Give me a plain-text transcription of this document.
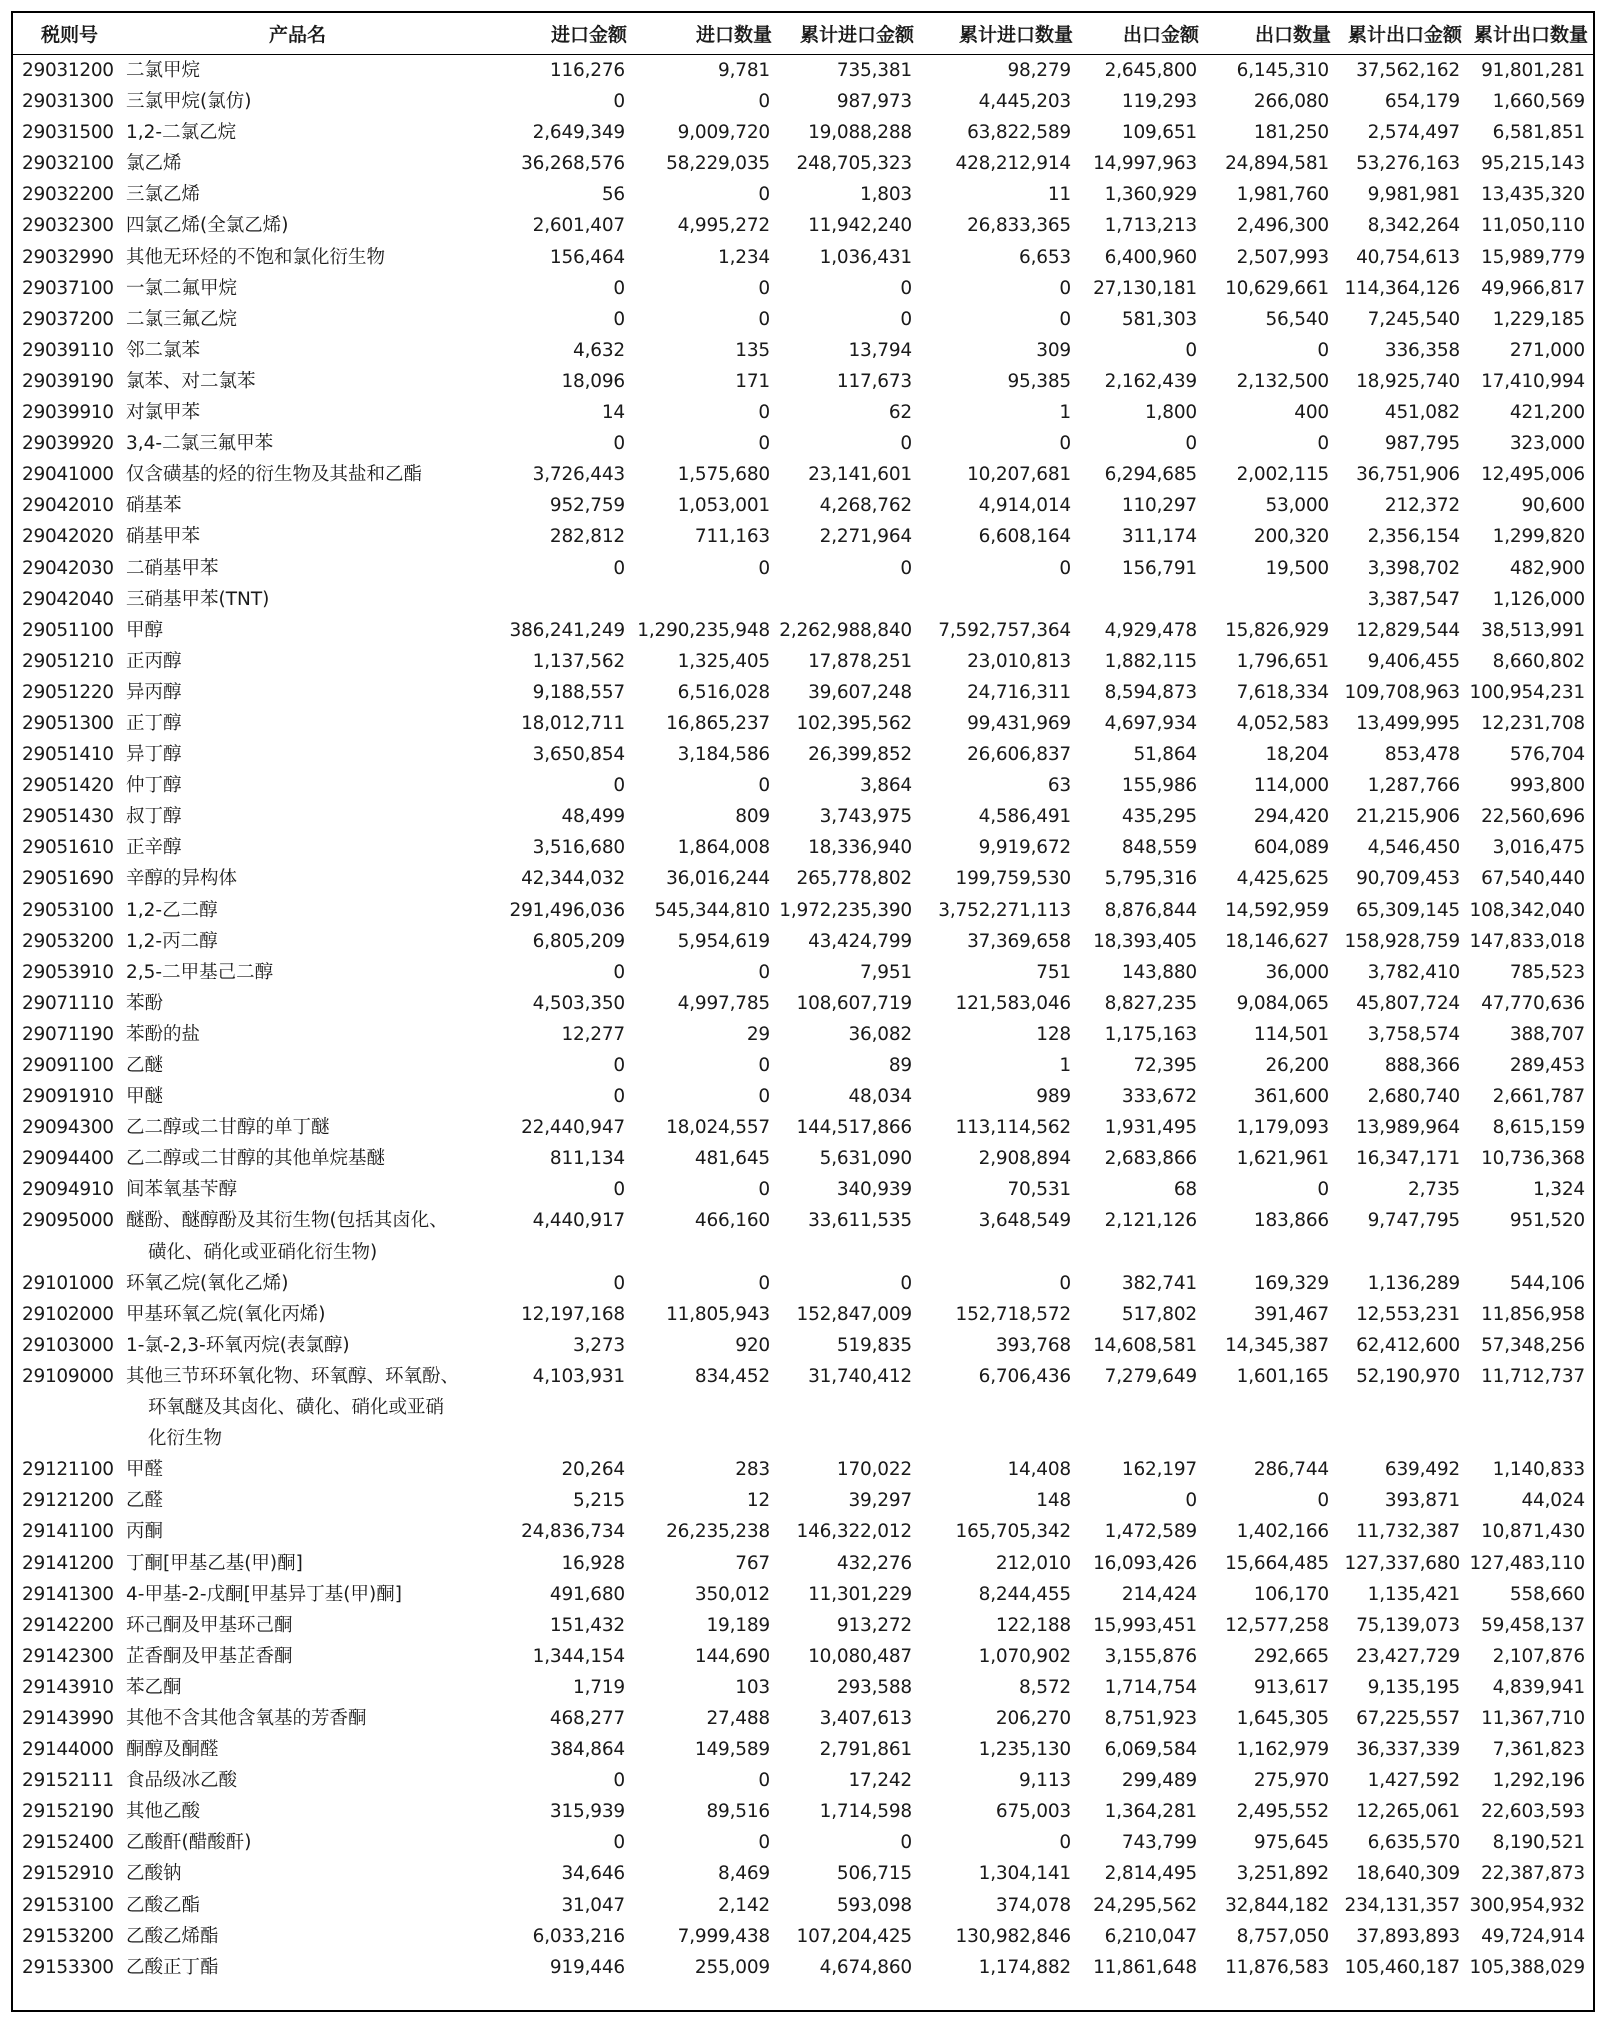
税则号	产品名	进口金额	进口数量	累计进口金额	累计进口数量	出口金额	出口数量	累计出口金额	累计出口数量
29031200	二氯甲烷	116,276	9,781	735,381	98,279	2,645,800	6,145,310	37,562,162	91,801,281
29031300	三氯甲烷(氯仿)	0	0	987,973	4,445,203	119,293	266,080	654,179	1,660,569
29031500	1,2-二氯乙烷	2,649,349	9,009,720	19,088,288	63,822,589	109,651	181,250	2,574,497	6,581,851
29032100	氯乙烯	36,268,576	58,229,035	248,705,323	428,212,914	14,997,963	24,894,581	53,276,163	95,215,143
29032200	三氯乙烯	56	0	1,803	11	1,360,929	1,981,760	9,981,981	13,435,320
29032300	四氯乙烯(全氯乙烯)	2,601,407	4,995,272	11,942,240	26,833,365	1,713,213	2,496,300	8,342,264	11,050,110
29032990	其他无环烃的不饱和氯化衍生物	156,464	1,234	1,036,431	6,653	6,400,960	2,507,993	40,754,613	15,989,779
29037100	一氯二氟甲烷	0	0	0	0	27,130,181	10,629,661	114,364,126	49,966,817
29037200	二氯三氟乙烷	0	0	0	0	581,303	56,540	7,245,540	1,229,185
29039110	邻二氯苯	4,632	135	13,794	309	0	0	336,358	271,000
29039190	氯苯、对二氯苯	18,096	171	117,673	95,385	2,162,439	2,132,500	18,925,740	17,410,994
29039910	对氯甲苯	14	0	62	1	1,800	400	451,082	421,200
29039920	3,4-二氯三氟甲苯	0	0	0	0	0	0	987,795	323,000
29041000	仅含磺基的烃的衍生物及其盐和乙酯	3,726,443	1,575,680	23,141,601	10,207,681	6,294,685	2,002,115	36,751,906	12,495,006
29042010	硝基苯	952,759	1,053,001	4,268,762	4,914,014	110,297	53,000	212,372	90,600
29042020	硝基甲苯	282,812	711,163	2,271,964	6,608,164	311,174	200,320	2,356,154	1,299,820
29042030	二硝基甲苯	0	0	0	0	156,791	19,500	3,398,702	482,900
29042040	三硝基甲苯(TNT)							3,387,547	1,126,000
29051100	甲醇	386,241,249	1,290,235,948	2,262,988,840	7,592,757,364	4,929,478	15,826,929	12,829,544	38,513,991
29051210	正丙醇	1,137,562	1,325,405	17,878,251	23,010,813	1,882,115	1,796,651	9,406,455	8,660,802
29051220	异丙醇	9,188,557	6,516,028	39,607,248	24,716,311	8,594,873	7,618,334	109,708,963	100,954,231
29051300	正丁醇	18,012,711	16,865,237	102,395,562	99,431,969	4,697,934	4,052,583	13,499,995	12,231,708
29051410	异丁醇	3,650,854	3,184,586	26,399,852	26,606,837	51,864	18,204	853,478	576,704
29051420	仲丁醇	0	0	3,864	63	155,986	114,000	1,287,766	993,800
29051430	叔丁醇	48,499	809	3,743,975	4,586,491	435,295	294,420	21,215,906	22,560,696
29051610	正辛醇	3,516,680	1,864,008	18,336,940	9,919,672	848,559	604,089	4,546,450	3,016,475
29051690	辛醇的异构体	42,344,032	36,016,244	265,778,802	199,759,530	5,795,316	4,425,625	90,709,453	67,540,440
29053100	1,2-乙二醇	291,496,036	545,344,810	1,972,235,390	3,752,271,113	8,876,844	14,592,959	65,309,145	108,342,040
29053200	1,2-丙二醇	6,805,209	5,954,619	43,424,799	37,369,658	18,393,405	18,146,627	158,928,759	147,833,018
29053910	2,5-二甲基己二醇	0	0	7,951	751	143,880	36,000	3,782,410	785,523
29071110	苯酚	4,503,350	4,997,785	108,607,719	121,583,046	8,827,235	9,084,065	45,807,724	47,770,636
29071190	苯酚的盐	12,277	29	36,082	128	1,175,163	114,501	3,758,574	388,707
29091100	乙醚	0	0	89	1	72,395	26,200	888,366	289,453
29091910	甲醚	0	0	48,034	989	333,672	361,600	2,680,740	2,661,787
29094300	乙二醇或二甘醇的单丁醚	22,440,947	18,024,557	144,517,866	113,114,562	1,931,495	1,179,093	13,989,964	8,615,159
29094400	乙二醇或二甘醇的其他单烷基醚	811,134	481,645	5,631,090	2,908,894	2,683,866	1,621,961	16,347,171	10,736,368
29094910	间苯氧基苄醇	0	0	340,939	70,531	68	0	2,735	1,324
29095000	醚酚、醚醇酚及其衍生物(包括其卤化、
磺化、硝化或亚硝化衍生物)	4,440,917	466,160	33,611,535	3,648,549	2,121,126	183,866	9,747,795	951,520
29101000	环氧乙烷(氧化乙烯)	0	0	0	0	382,741	169,329	1,136,289	544,106
29102000	甲基环氧乙烷(氧化丙烯)	12,197,168	11,805,943	152,847,009	152,718,572	517,802	391,467	12,553,231	11,856,958
29103000	1-氯-2,3-环氧丙烷(表氯醇)	3,273	920	519,835	393,768	14,608,581	14,345,387	62,412,600	57,348,256
29109000	其他三节环环氧化物、环氧醇、环氧酚、
环氧醚及其卤化、磺化、硝化或亚硝
化衍生物	4,103,931	834,452	31,740,412	6,706,436	7,279,649	1,601,165	52,190,970	11,712,737
29121100	甲醛	20,264	283	170,022	14,408	162,197	286,744	639,492	1,140,833
29121200	乙醛	5,215	12	39,297	148	0	0	393,871	44,024
29141100	丙酮	24,836,734	26,235,238	146,322,012	165,705,342	1,472,589	1,402,166	11,732,387	10,871,430
29141200	丁酮[甲基乙基(甲)酮]	16,928	767	432,276	212,010	16,093,426	15,664,485	127,337,680	127,483,110
29141300	4-甲基-2-戊酮[甲基异丁基(甲)酮]	491,680	350,012	11,301,229	8,244,455	214,424	106,170	1,135,421	558,660
29142200	环己酮及甲基环己酮	151,432	19,189	913,272	122,188	15,993,451	12,577,258	75,139,073	59,458,137
29142300	芷香酮及甲基芷香酮	1,344,154	144,690	10,080,487	1,070,902	3,155,876	292,665	23,427,729	2,107,876
29143910	苯乙酮	1,719	103	293,588	8,572	1,714,754	913,617	9,135,195	4,839,941
29143990	其他不含其他含氧基的芳香酮	468,277	27,488	3,407,613	206,270	8,751,923	1,645,305	67,225,557	11,367,710
29144000	酮醇及酮醛	384,864	149,589	2,791,861	1,235,130	6,069,584	1,162,979	36,337,339	7,361,823
29152111	食品级冰乙酸	0	0	17,242	9,113	299,489	275,970	1,427,592	1,292,196
29152190	其他乙酸	315,939	89,516	1,714,598	675,003	1,364,281	2,495,552	12,265,061	22,603,593
29152400	乙酸酐(醋酸酐)	0	0	0	0	743,799	975,645	6,635,570	8,190,521
29152910	乙酸钠	34,646	8,469	506,715	1,304,141	2,814,495	3,251,892	18,640,309	22,387,873
29153100	乙酸乙酯	31,047	2,142	593,098	374,078	24,295,562	32,844,182	234,131,357	300,954,932
29153200	乙酸乙烯酯	6,033,216	7,999,438	107,204,425	130,982,846	6,210,047	8,757,050	37,893,893	49,724,914
29153300	乙酸正丁酯	919,446	255,009	4,674,860	1,174,882	11,861,648	11,876,583	105,460,187	105,388,029
